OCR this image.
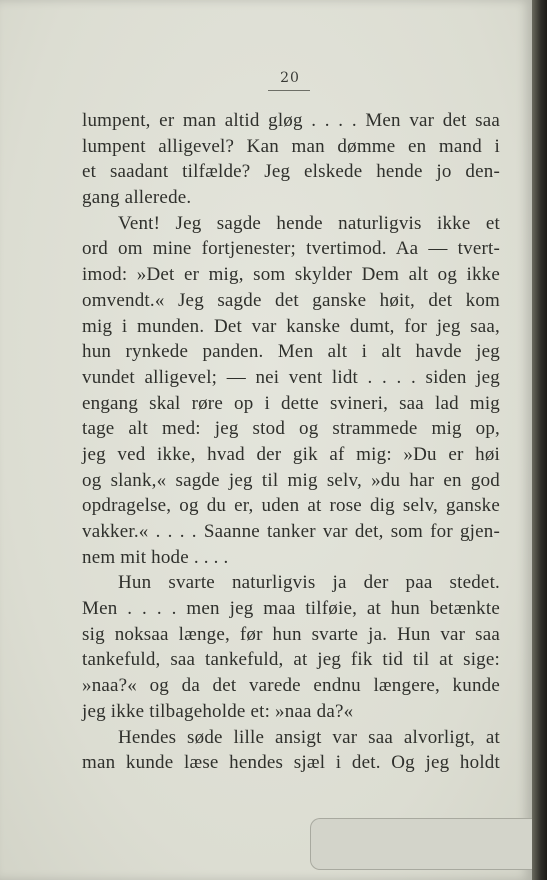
20
lumpent, er man altid gløg . . . . Men var det saa
lumpent alligevel? Kan man dømme en mand i
et saadant tilfælde? Jeg elskede hende jo den-
gang allerede.
Vent! Jeg sagde hende naturligvis ikke et
ord om mine fortjenester; tvertimod. Aa — tvert-
imod: »Det er mig, som skylder Dem alt og ikke
omvendt.« Jeg sagde det ganske høit, det kom
mig i munden. Det var kanske dumt, for jeg saa,
hun rynkede panden. Men alt i alt havde jeg
vundet alligevel; — nei vent lidt . . . . siden jeg
engang skal røre op i dette svineri, saa lad mig
tage alt med: jeg stod og strammede mig op,
jeg ved ikke, hvad der gik af mig: »Du er høi
og slank,« sagde jeg til mig selv, »du har en god
opdragelse, og du er, uden at rose dig selv, ganske
vakker.« . . . . Saanne tanker var det, som for gjen-
nem mit hode . . . .
Hun svarte naturligvis ja der paa stedet.
Men . . . . men jeg maa tilføie, at hun betænkte
sig noksaa længe, før hun svarte ja. Hun var saa
tankefuld, saa tankefuld, at jeg fik tid til at sige:
»naa?« og da det varede endnu længere, kunde
jeg ikke tilbageholde et: »naa da?«
Hendes søde lille ansigt var saa alvorligt, at
man kunde læse hendes sjæl i det. Og jeg holdt
